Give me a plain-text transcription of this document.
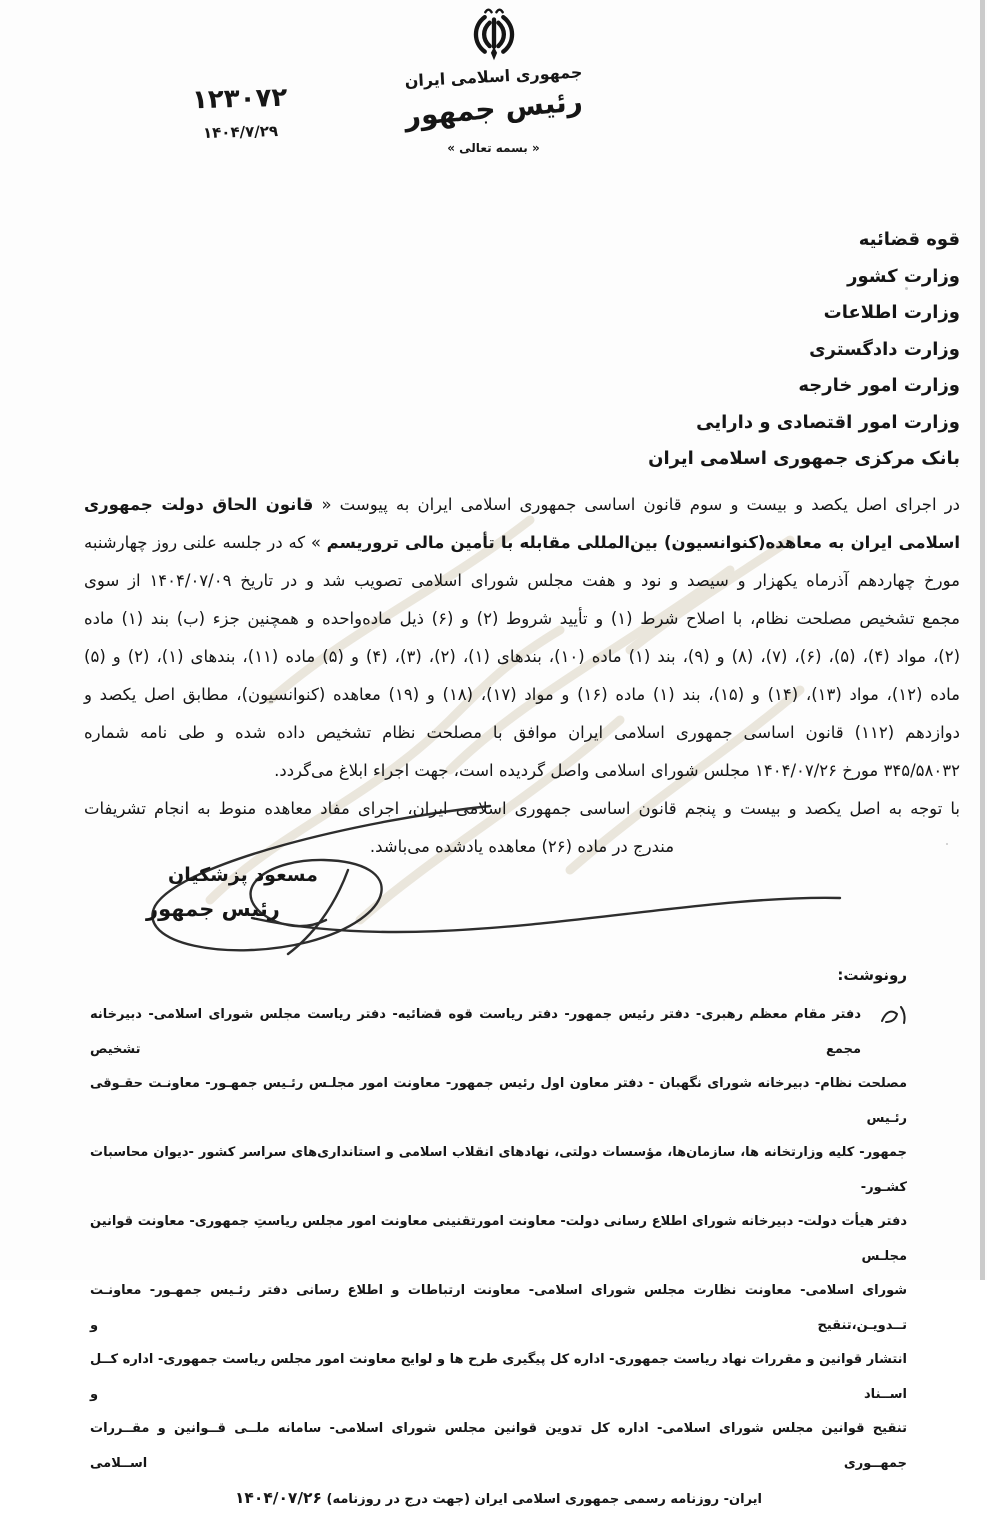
جمهوری اسلامی ایران
رئیس جمهور
« بسمه تعالی »
۱۲۳۰۷۲
۱۴۰۴/۷/۲۹
قوه قضائیه
وزارت کشور
وزارت اطلاعات
وزارت دادگستری
وزارت امور خارجه
وزارت امور اقتصادی و دارایی
بانک مرکزی جمهوری اسلامی ایران
در اجرای اصل یکصد و بیست و سوم قانون اساسی جمهوری اسلامی ایران به پیوست « قانون الحاق دولت جمهوری
اسلامی ایران به معاهده(کنوانسیون) بین‌المللی مقابله با تأمین مالی تروریسم » که در جلسه علنی روز چهارشنبه
مورخ چهاردهم آذرماه یکهزار و سیصد و نود و هفت مجلس شورای اسلامی تصویب شد و در تاریخ ۱۴۰۴/۰۷/۰۹ از سوی
مجمع تشخیص مصلحت نظام، با اصلاح شرط (۱) و تأیید شروط (۲) و (۶) ذیل ماده‌واحده و همچنین جزء (ب) بند (۱) ماده
(۲)، مواد (۴)، (۵)، (۶)، (۷)، (۸) و (۹)، بند (۱) ماده (۱۰)، بندهای (۱)، (۲)، (۳)، (۴) و (۵) ماده (۱۱)، بندهای (۱)، (۲) و (۵)
ماده (۱۲)، مواد (۱۳)، (۱۴) و (۱۵)، بند (۱) ماده (۱۶) و مواد (۱۷)، (۱۸) و (۱۹) معاهده (کنوانسیون)، مطابق اصل یکصد و
دوازدهم (۱۱۲) قانون اساسی جمهوری اسلامی ایران موافق با مصلحت نظام تشخیص داده شده و طی نامه شماره
۳۴۵/۵۸۰۳۲ مورخ ۱۴۰۴/۰۷/۲۶ مجلس شورای اسلامی واصل گردیده است، جهت اجراء ابلاغ می‌گردد.
با توجه به اصل یکصد و بیست و پنجم قانون اساسی جمهوری اسلامی ایران، اجرای مفاد معاهده منوط به انجام تشریفات
مندرج در ماده (۲۶) معاهده یادشده می‌باشد.
مسعود پزشکیان
رئیس جمهور
رونوشت:
دفتر مقام معظم رهبری- دفتر رئیس جمهور- دفتر ریاست قوه قضائیه- دفتر ریاست مجلس شورای اسلامی- دبیرخانه مجمع تشخیص
مصلحت نظام- دبیرخانه شورای نگهبان - دفتر معاون اول رئیس جمهور- معاونت امور مجلـس رئـیس جمهـور- معاونـت حقـوقی رئـیس
جمهور- کلیه وزارتخانه ها، سازمان‌ها، مؤسسات دولتی، نهادهای انقلاب اسلامی و استانداری‌های سراسر کشور -دیوان محاسبات کشـور-
دفتر هیأت دولت- دبیرخانه شورای اطلاع رسانی دولت- معاونت امورتقنینی معاونت امور مجلس ریاستِ جمهوری- معاونت قوانین مجلـس
شورای اسلامی- معاونت نظارت مجلس شورای اسلامی- معاونت ارتباطات و اطلاع رسانی دفتر رئـیس جمهـور- معاونـت تــدویـن،تنقیح و
انتشار قوانین و مقررات نهاد ریاست جمهوری- اداره کل پیگیری طرح ها و لوایح معاونت امور مجلس ریاست جمهوری- اداره کــل اســناد و
تنقیح قوانین مجلس شورای اسلامی- اداره کل تدوین قوانین مجلس شورای اسلامی- سامانه ملــی قــوانین و مقــررات جمهــوری اســلامی
ایران- روزنامه رسمی جمهوری اسلامی ایران (جهت درج در روزنامه) ۱۴۰۴/۰۷/۲۶
